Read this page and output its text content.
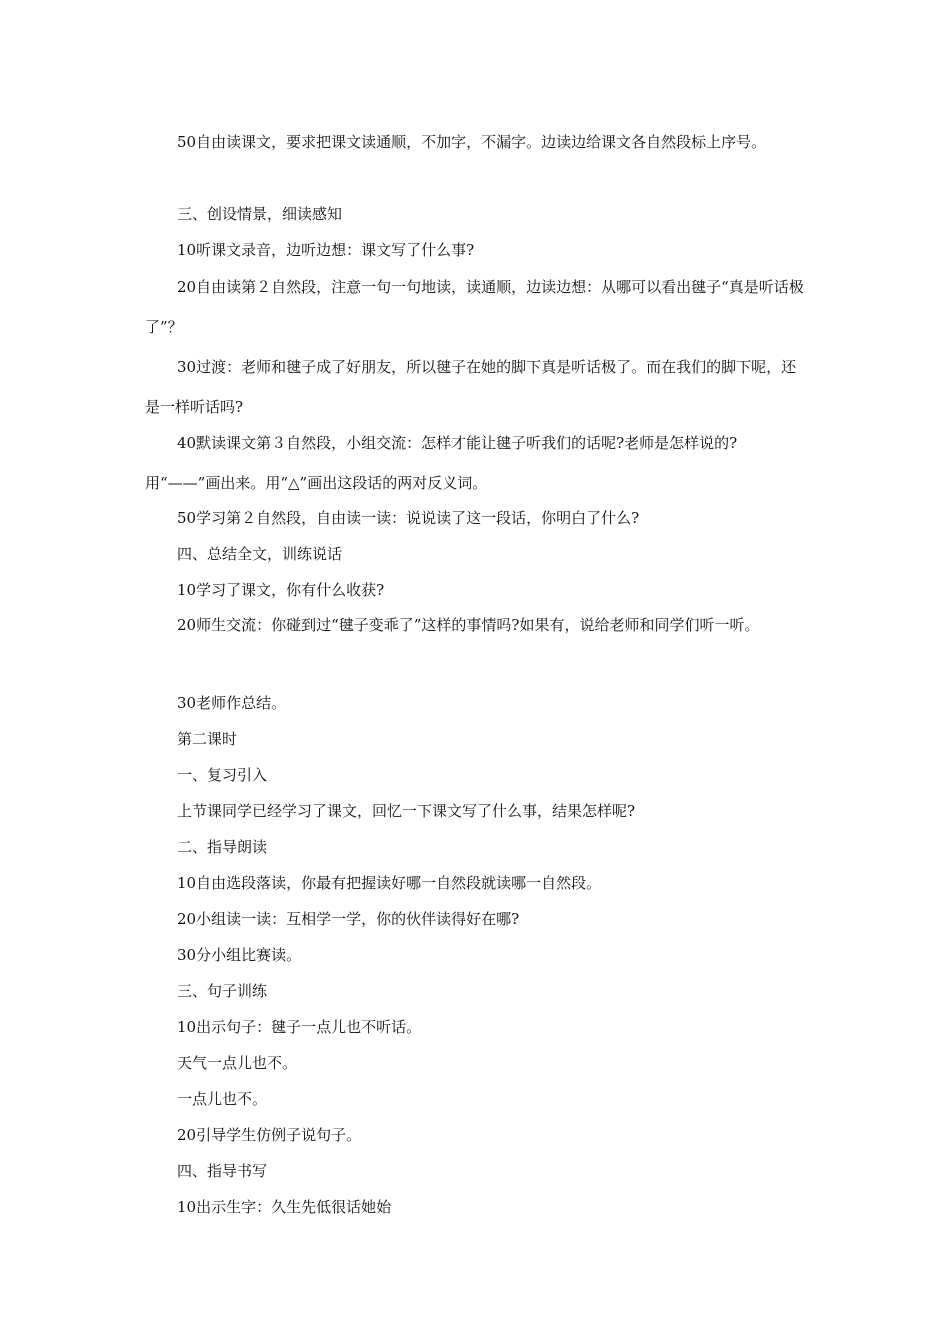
50自由读课文，要求把课文读通顺，不加字，不漏字。边读边给课文各自然段标上序号。

三、创设情景，细读感知

10听课文录音，边听边想：课文写了什么事?

20自由读第２自然段，注意一句一句地读，读通顺，边读边想：从哪可以看出毽子“真是听话极了”？

30过渡：老师和毽子成了好朋友，所以毽子在她的脚下真是听话极了。而在我们的脚下呢，还是一样听话吗?

40默读课文第３自然段，小组交流：怎样才能让毽子听我们的话呢?老师是怎样说的?用“——”画出来。用“△”画出这段话的两对反义词。

50学习第２自然段，自由读一读：说说读了这一段话，你明白了什么?

四、总结全文，训练说话

10学习了课文，你有什么收获?

20师生交流：你碰到过“毽子变乖了”这样的事情吗?如果有，说给老师和同学们听一听。

30老师作总结。

第二课时

一、复习引入

上节课同学已经学习了课文，回忆一下课文写了什么事，结果怎样呢?

二、指导朗读

10自由选段落读，你最有把握读好哪一自然段就读哪一自然段。

20小组读一读：互相学一学，你的伙伴读得好在哪?

30分小组比赛读。

三、句子训练

10出示句子：毽子一点儿也不听话。

天气一点儿也不。

一点儿也不。

20引导学生仿例子说句子。

四、指导书写

10出示生字：久生先低很话她始
